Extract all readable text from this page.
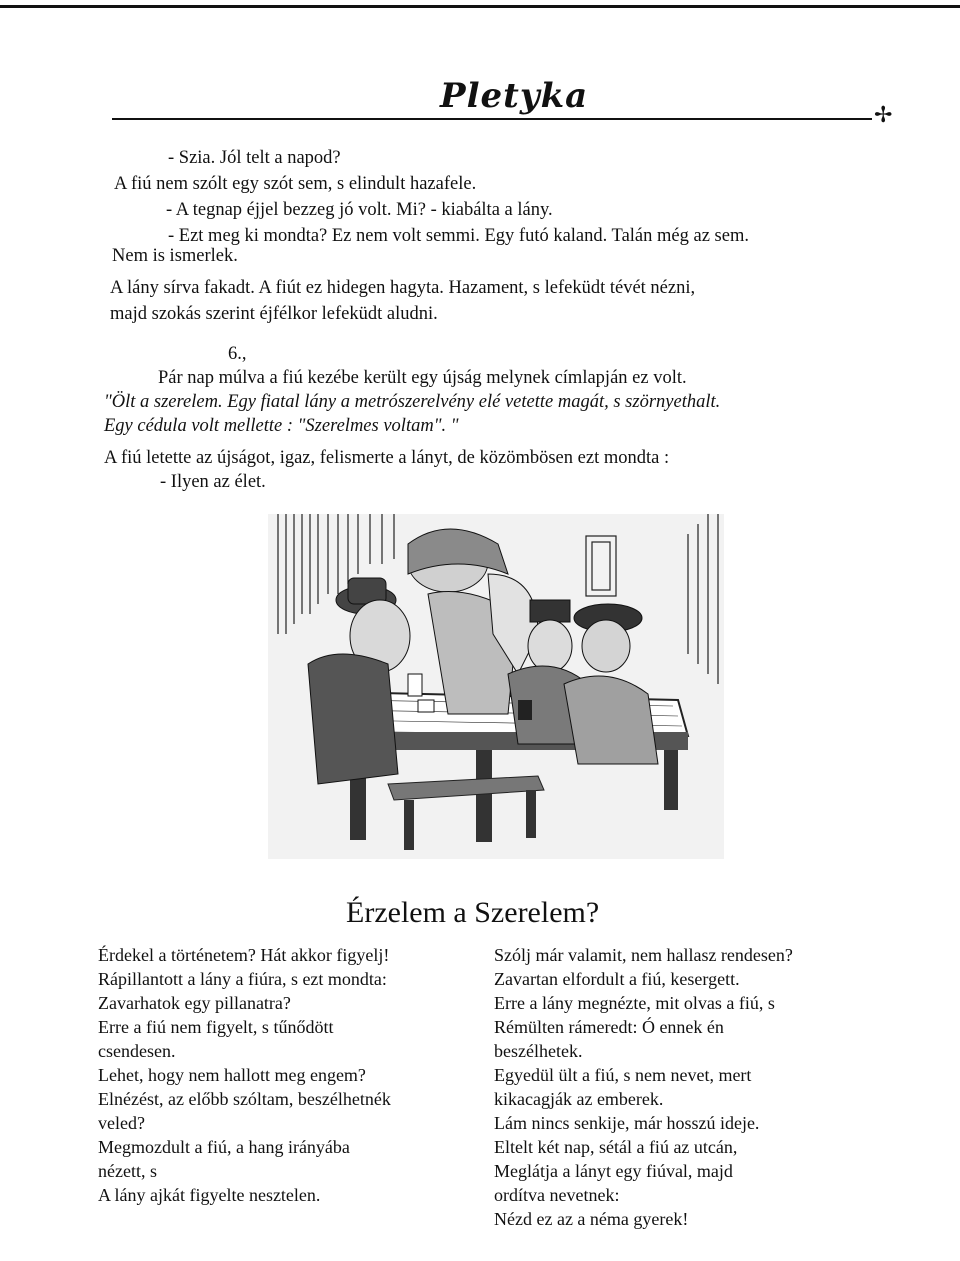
Pletyka	✢
- Szia. Jól telt a napod?
A fiú nem szólt egy szót sem, s elindult hazafele.
- A tegnap éjjel bezzeg jó volt. Mi? - kiabálta a lány.
- Ezt meg ki mondta? Ez nem volt semmi. Egy futó kaland. Talán még az sem.
Nem is ismerlek.
A lány sírva fakadt. A fiút ez hidegen hagyta. Hazament, s lefeküdt tévét nézni,
majd szokás szerint éjfélkor lefeküdt aludni.
6.,
Pár nap múlva a fiú kezébe került egy újság melynek címlapján ez volt.
"Ölt a szerelem. Egy fiatal lány a metrószerelvény elé vetette magát, s szörnyethalt.
Egy cédula volt mellette : "Szerelmes voltam". "
A fiú letette az újságot, igaz, felismerte a lányt, de közömbösen ezt mondta :
- Ilyen az élet.
Érzelem a Szerelem?
Érdekel a történetem? Hát akkor figyelj!
Rápillantott a lány a fiúra, s ezt mondta:
Zavarhatok egy pillanatra?
Erre a fiú nem figyelt, s tűnődött
csendesen.
Lehet, hogy nem hallott meg engem?
Elnézést, az előbb szóltam, beszélhetnék
veled?
Megmozdult a fiú, a hang irányába
nézett, s
A lány ajkát figyelte nesztelen.
Szólj már valamit, nem hallasz rendesen?
Zavartan elfordult a fiú, kesergett.
Erre a lány megnézte, mit olvas a fiú, s
Rémülten rámeredt: Ó ennek én
beszélhetek.
Egyedül ült a fiú, s nem nevet, mert
kikacagják az emberek.
Lám nincs senkije, már hosszú ideje.
Eltelt két nap, sétál a fiú az utcán,
Meglátja a lányt egy fiúval, majd
ordítva nevetnek:
Nézd ez az a néma gyerek!
